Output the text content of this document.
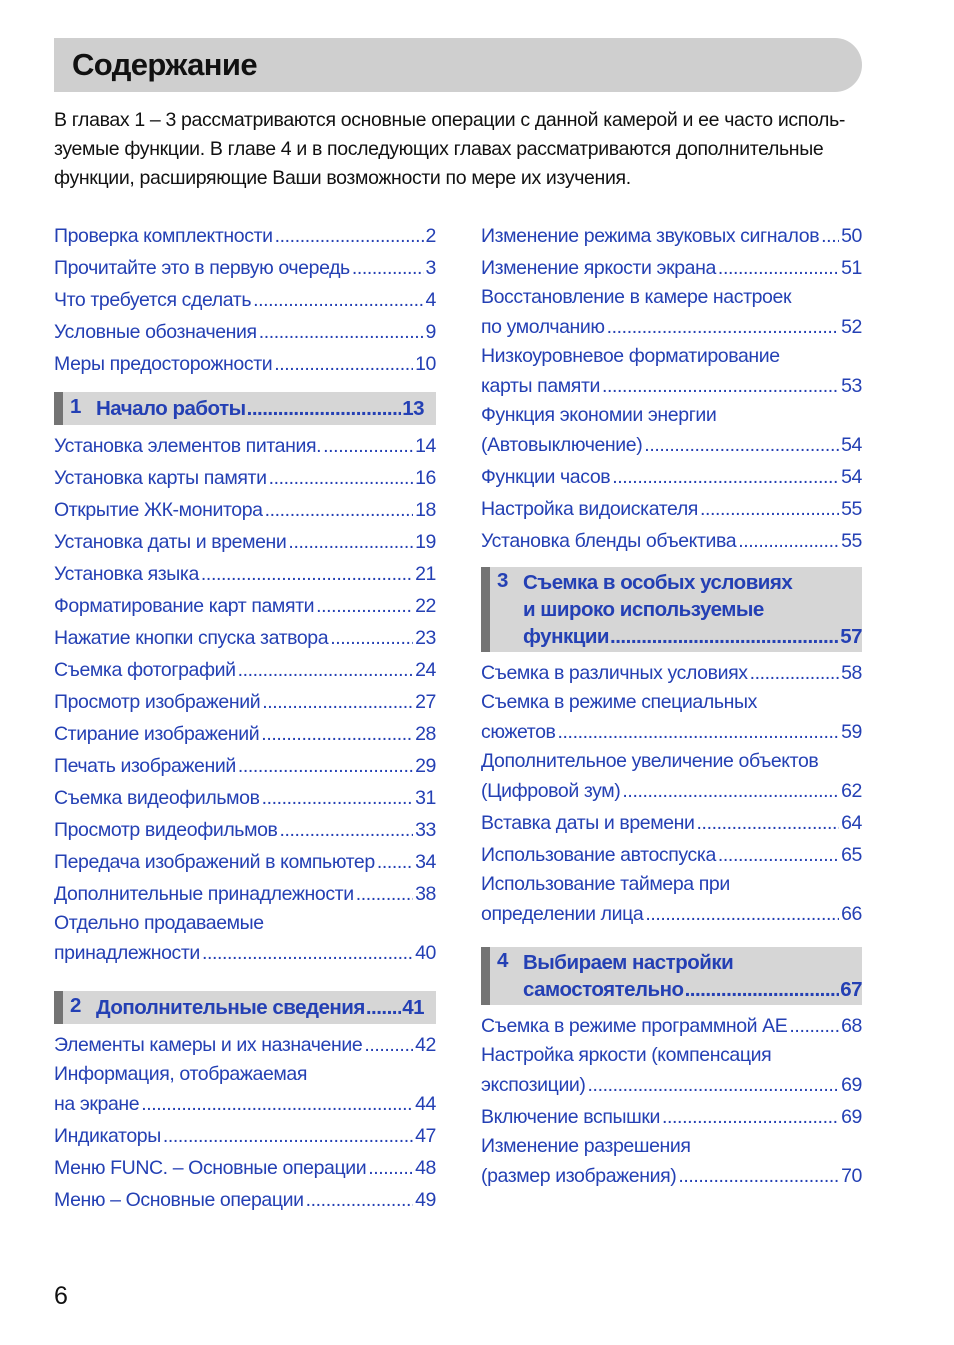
Содержание
В главах 1 – 3 рассматриваются основные операции с данной камерой и ее часто исполь-
зуемые функции. В главе 4 и в последующих главах рассматриваются дополнительные
функции, расширяющие Ваши возможности по мере их изучения.
Проверка комплектности .....	2
Прочитайте это в первую очередь .....	3
Что требуется сделать .....	4
Условные обозначения .....	9
Меры предосторожности .....	10
1 Начало работы .....	13
Установка элементов питания. .....	14
Установка карты памяти .....	16
Открытие ЖК-монитора .....	18
Установка даты и времени .....	19
Установка языка .....	21
Форматирование карт памяти .....	22
Нажатие кнопки спуска затвора .....	23
Съемка фотографий .....	24
Просмотр изображений .....	27
Стирание изображений .....	28
Печать изображений .....	29
Съемка видеофильмов .....	31
Просмотр видеофильмов .....	33
Передача изображений в компьютер ..... 34
Дополнительные принадлежности .....	38
Отдельно продаваемые
принадлежности .....	40
2 Дополнительные сведения ..... 41
Элементы камеры и их назначение .....	42
Информация, отображаемая
на экране .....	44
Индикаторы .....	47
Меню FUNC. – Основные операции .....	48
Меню – Основные операции .....	49
Изменение режима звуковых сигналов ..... 50
Изменение яркости экрана .....	51
Восстановление в камере настроек
по умолчанию .....	52
Низкоуровневое форматирование
карты памяти .....	53
Функция экономии энергии
(Автовыключение) .....	54
Функции часов .....	54
Настройка видоискателя .....	55
Установка бленды объектива .....	55
3 Съемка в особых условиях
и широко используемые
функции .....	57
Съемка в различных условиях .....	58
Съемка в режиме специальных
сюжетов .....	59
Дополнительное увеличение объектов
(Цифровой зум) .....	62
Вставка даты и времени .....	64
Использование автоспуска .....	65
Использование таймера при
определении лица .....	66
4 Выбираем настройки
самостоятельно .....	67
Съемка в режиме программной AE .....	68
Настройка яркости (компенсация
экспозиции) .....	69
Включение вспышки .....	69
Изменение разрешения
(размер изображения) .....	70
6
